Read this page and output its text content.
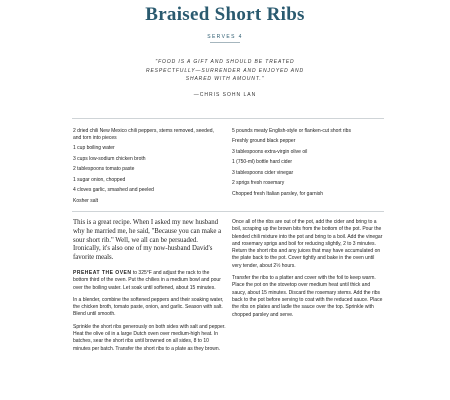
Braised Short Ribs
SERVES 4
"FOOD IS A GIFT AND SHOULD BE TREATED
RESPECTFULLY—SURRENDER AND ENJOYED AND
SHARED WITH AMOUNT."
—CHRIS SOHN LAN
2 dried chili New Mexico chili peppers, stems removed, seeded, and torn into pieces
1 cup boiling water
3 cups low-sodium chicken broth
2 tablespoons tomato paste
1 sugar onion, chopped
4 cloves garlic, smashed and peeled
Kosher salt
5 pounds meaty English-style or flanken-cut short ribs
Freshly ground black pepper
3 tablespoons extra-virgin olive oil
1 (750-ml) bottle hard cider
3 tablespoons cider vinegar
2 sprigs fresh rosemary
Chopped fresh Italian parsley, for garnish

This is a great recipe. When I asked my new husband why he married me, he said, "Because you can make a sour short rib." Well, we all can be persuaded. Ironically, it's also one of my now-husband David's favorite meals.

PREHEAT THE OVEN to 325°F and adjust the rack to the bottom third of the oven. Put the chilies in a medium bowl and pour over the boiling water. Let soak until softened, about 15 minutes.

In a blender, combine the softened peppers and their soaking water, the chicken broth, tomato paste, onion, and garlic. Season with salt. Blend until smooth.

Sprinkle the short ribs generously on both sides with salt and pepper. Heat the olive oil in a large Dutch oven over medium-high heat. In batches, sear the short ribs until browned on all sides, 8 to 10 minutes per batch. Transfer the short ribs to a plate as they brown.

Once all of the ribs are out of the pot, add the cider and bring to a boil, scraping up the brown bits from the bottom of the pot. Pour the blended chili mixture into the pot and bring to a boil. Add the vinegar and rosemary sprigs and boil for reducing slightly, 2 to 3 minutes. Return the short ribs and any juices that may have accumulated on the plate back to the pot. Cover tightly and bake in the oven until very tender, about 2½ hours.

Transfer the ribs to a platter and cover with the foil to keep warm. Place the pot on the stovetop over medium heat until thick and saucy, about 15 minutes. Discard the rosemary stems. Add the ribs back to the pot before serving to coat with the reduced sauce. Place the ribs on plates and ladle the sauce over the top. Sprinkle with chopped parsley and serve.
